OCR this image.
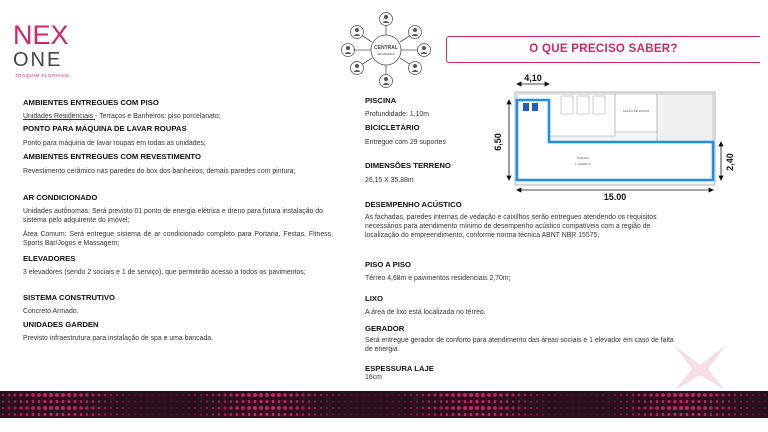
NEX
ONE
JOAQUIM FLORIANO
CENTRAL
DE VENDAS	O QUE PRECISO SABER?
AMBIENTES ENTREGUES COM PISO
Unidades Residenciais - Terraços e Banheiros: piso porcelanato;
PONTO PARA MÁQUINA DE LAVAR ROUPAS
Ponto para máquina de lavar roupas em todas as unidades;
AMBIENTES ENTREGUES COM REVESTIMENTO
Revestimento cerâmico nas paredes do box dos banheiros, demais paredes com pintura;
AR CONDICIONADO
Unidades autônomas: Será previsto 01 ponto de energia elétrica e dreno para futura instalação do sistema pelo adquirente do imóvel;
Área Comum: Será entregue sistema de ar condicionado completo para Portaria, Festas, Fitness, Sports Bar/Jogos e Massagem;
ELEVADORES
3 elevadores (sendo 2 sociais e 1 de serviço), que permitirão acesso a todos os pavimentos;
SISTEMA CONSTRUTIVO
Concreto Armado.
UNIDADES GARDEN
Previsto infraestrutura para instalação de spa e uma bancada.
PISCINA
Profundidade: 1,10m
BICICLETÁRIO
Entregue com 29 suportes
DIMENSÕES TERRENO
26,15 X 35,88m
DESEMPENHO ACÚSTICO
As fachadas, paredes internas de vedação e caixilhos serão entregues atendendo os requisitos necessários para atendimento mínimo de desempenho acústico compatíveis com a região de localização do empreendimento, conforme norma técnica ABNT NBR 15575;
PISO A PISO
Térreo 4,68m e pavimentos residenciais 2,70m;
LIXO
A área de lixo está localizada no térreo.
GERADOR
Será entregue gerador de conforto para atendimento das áreas sociais e 1 elevador em caso de falta de energia
ESPESSURA LAJE
16cm
SALÃO DE JOGOS
PISCINA
1. GRADE 01
4,10
6,50
2,40
15,00
